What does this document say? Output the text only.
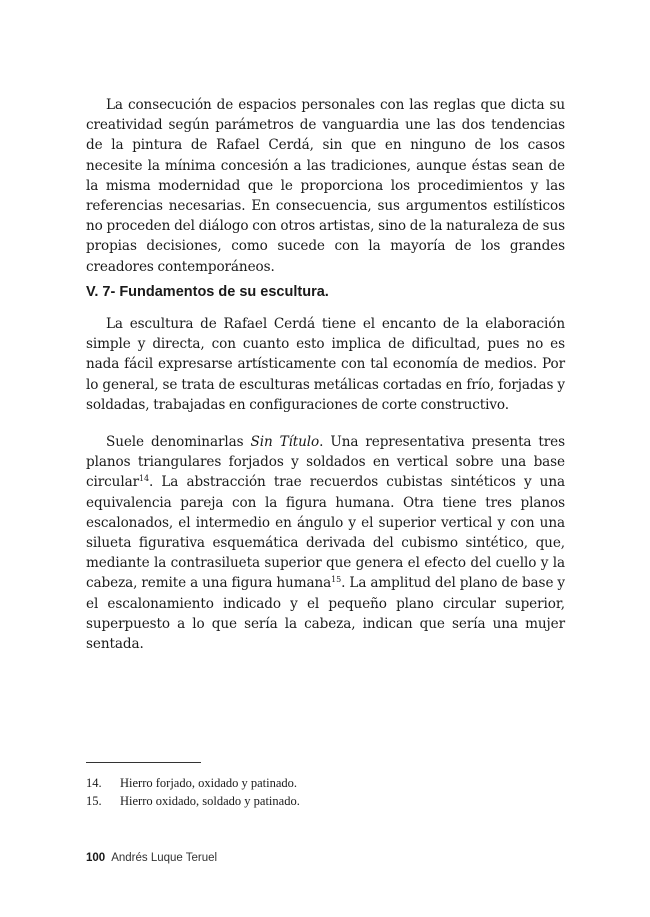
La consecución de espacios personales con las reglas que dicta su creatividad según parámetros de vanguardia une las dos tendencias de la pintura de Rafael Cerdá, sin que en ninguno de los casos necesite la mínima concesión a las tradiciones, aunque éstas sean de la misma modernidad que le proporciona los procedimientos y las referencias necesarias. En consecuencia, sus argumentos estilísticos no proceden del diálogo con otros artistas, sino de la naturaleza de sus propias decisiones, como sucede con la mayoría de los grandes creadores contemporáneos.

V. 7- Fundamentos de su escultura.

La escultura de Rafael Cerdá tiene el encanto de la elaboración simple y directa, con cuanto esto implica de dificultad, pues no es nada fácil expresarse artísticamente con tal economía de medios. Por lo general, se trata de esculturas metálicas cortadas en frío, forjadas y soldadas, trabajadas en configuraciones de corte constructivo.

Suele denominarlas Sin Título. Una representativa presenta tres planos triangulares forjados y soldados en vertical sobre una base circular$^{14}$. La abstracción trae recuerdos cubistas sintéticos y una equivalencia pareja con la figura humana. Otra tiene tres planos escalonados, el intermedio en ángulo y el superior vertical y con una silueta figurativa esquemática derivada del cubismo sintético, que, mediante la contrasilueta superior que genera el efecto del cuello y la cabeza, remite a una figura humana$^{15}$. La amplitud del plano de base y el escalonamiento indicado y el pequeño plano circular superior, superpuesto a lo que sería la cabeza, indican que sería una mujer sentada.

14. Hierro forjado, oxidado y patinado.

15. Hierro oxidado, soldado y patinado.

100 Andrés Luque Teruel
